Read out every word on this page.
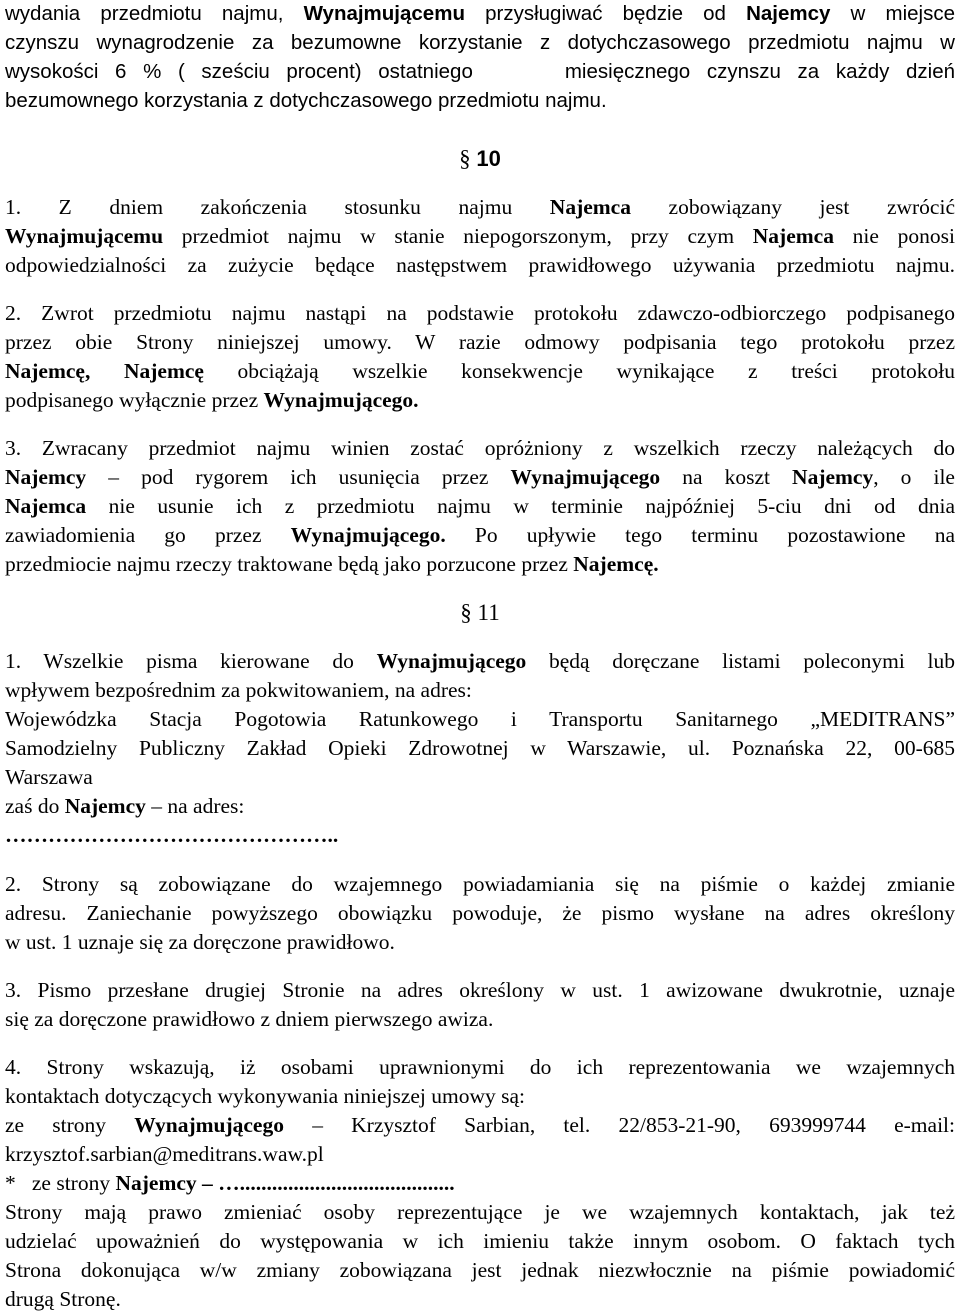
wydania przedmiotu najmu, Wynajmującemu przysługiwać będzie od Najemcy w miejsce
czynszu wynagrodzenie za bezumowne korzystanie z dotychczasowego przedmiotu najmu w
wysokości 6 % ( sześciu procent) ostatniego	miesięcznego czynszu za każdy dzień
bezumownego korzystania z dotychczasowego przedmiotu najmu.
§ 10
1. Z dniem zakończenia stosunku najmu Najemca zobowiązany jest zwrócić
Wynajmującemu przedmiot najmu w stanie niepogorszonym, przy czym Najemca nie ponosi
odpowiedzialności za zużycie będące następstwem prawidłowego używania przedmiotu najmu.
2. Zwrot przedmiotu najmu nastąpi na podstawie protokołu zdawczo-odbiorczego podpisanego
przez obie Strony niniejszej umowy. W razie odmowy podpisania tego protokołu przez
Najemcę, Najemcę obciążają wszelkie konsekwencje wynikające z treści protokołu
podpisanego wyłącznie przez Wynajmującego.
3. Zwracany przedmiot najmu winien zostać opróżniony z wszelkich rzeczy należących do
Najemcy – pod rygorem ich usunięcia przez Wynajmującego na koszt Najemcy, o ile
Najemca nie usunie ich z przedmiotu najmu w terminie najpóźniej 5-ciu dni od dnia
zawiadomienia go przez Wynajmującego. Po upływie tego terminu pozostawione na
przedmiocie najmu rzeczy traktowane będą jako porzucone przez Najemcę.
§ 11
1. Wszelkie pisma kierowane do Wynajmującego będą doręczane listami poleconymi lub
wpływem bezpośrednim za pokwitowaniem, na adres:
Wojewódzka Stacja Pogotowia Ratunkowego i Transportu Sanitarnego „MEDITRANS”
Samodzielny Publiczny Zakład Opieki Zdrowotnej w Warszawie, ul. Poznańska 22, 00-685
Warszawa
zaś do Najemcy – na adres:
………………………………………..
2. Strony są zobowiązane do wzajemnego powiadamiania się na piśmie o każdej zmianie
adresu. Zaniechanie powyższego obowiązku powoduje, że pismo wysłane na adres określony
w ust. 1 uznaje się za doręczone prawidłowo.
3. Pismo przesłane drugiej Stronie na adres określony w ust. 1 awizowane dwukrotnie, uznaje
się za doręczone prawidłowo z dniem pierwszego awiza.
4. Strony wskazują, iż osobami uprawnionymi do ich reprezentowania we wzajemnych
kontaktach dotyczących wykonywania niniejszej umowy są:
ze strony Wynajmującego – Krzysztof Sarbian, tel. 22/853-21-90, 693999744 e-mail:
krzysztof.sarbian@meditrans.waw.pl
*   ze strony Najemcy – …........................................
Strony mają prawo zmieniać osoby reprezentujące je we wzajemnych kontaktach, jak też
udzielać upoważnień do występowania w ich imieniu także innym osobom. O faktach tych
Strona dokonująca w/w zmiany zobowiązana jest jednak niezwłocznie na piśmie powiadomić
drugą Stronę.
